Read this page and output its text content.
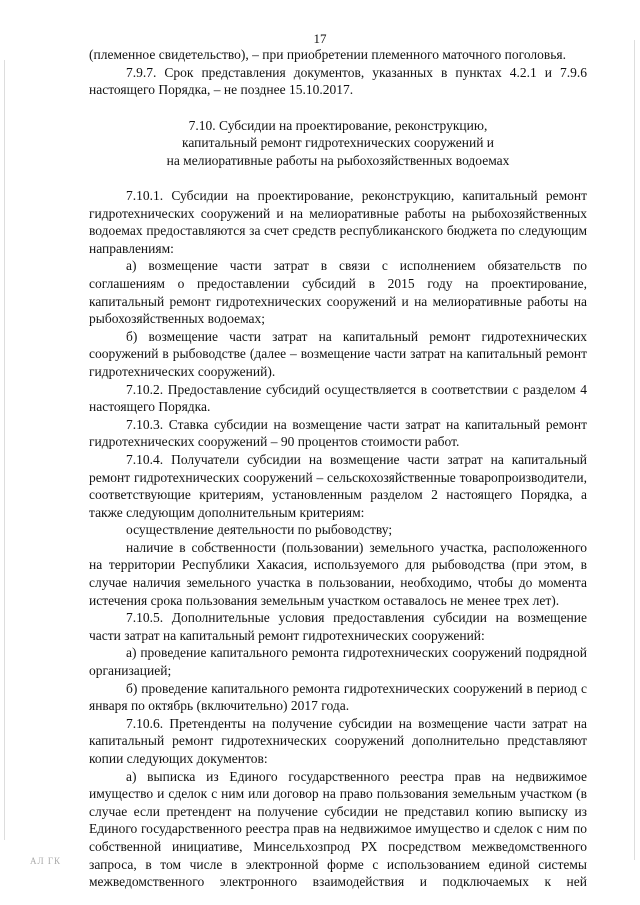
17

(племенное свидетельство), – при приобретении племенного маточного поголовья.

7.9.7. Срок представления документов, указанных в пунктах 4.2.1 и 7.9.6 настоящего Порядка, – не позднее 15.10.2017.

7.10. Субсидии на проектирование, реконструкцию,
капитальный ремонт гидротехнических сооружений и
на мелиоративные работы на рыбохозяйственных водоемах

7.10.1. Субсидии на проектирование, реконструкцию, капитальный ремонт гидротехнических сооружений и на мелиоративные работы на рыбохозяйственных водоемах предоставляются за счет средств республиканского бюджета по следующим направлениям:

а) возмещение части затрат в связи с исполнением обязательств по соглашениям о предоставлении субсидий в 2015 году на проектирование, капитальный ремонт гидротехнических сооружений и на мелиоративные работы на рыбохозяйственных водоемах;

б) возмещение части затрат на капитальный ремонт гидротехнических сооружений в рыбоводстве (далее – возмещение части затрат на капитальный ремонт гидротехнических сооружений).

7.10.2. Предоставление субсидий осуществляется в соответствии с разделом 4 настоящего Порядка.

7.10.3. Ставка субсидии на возмещение части затрат на капитальный ремонт гидротехнических сооружений – 90 процентов стоимости работ.

7.10.4. Получатели субсидии на возмещение части затрат на капитальный ремонт гидротехнических сооружений – сельскохозяйственные товаропроизводители, соответствующие критериям, установленным разделом 2 настоящего Порядка, а также следующим дополнительным критериям:

осуществление деятельности по рыбоводству;

наличие в собственности (пользовании) земельного участка, расположенного на территории Республики Хакасия, используемого для рыбоводства (при этом, в случае наличия земельного участка в пользовании, необходимо, чтобы до момента истечения срока пользования земельным участком оставалось не менее трех лет).

7.10.5. Дополнительные условия предоставления субсидии на возмещение части затрат на капитальный ремонт гидротехнических сооружений:

а) проведение капитального ремонта гидротехнических сооружений подрядной организацией;

б) проведение капитального ремонта гидротехнических сооружений в период с января по октябрь (включительно) 2017 года.

7.10.6. Претенденты на получение субсидии на возмещение части затрат на капитальный ремонт гидротехнических сооружений дополнительно представляют копии следующих документов:

а) выписка из Единого государственного реестра прав на недвижимое имущество и сделок с ним или договор на право пользования земельным участком (в случае если претендент на получение субсидии не представил копию выписку из Единого государственного реестра прав на недвижимое имущество и сделок с ним по собственной инициативе, Минсельхозпрод РХ посредством межведомственного запроса, в том числе в электронной форме с использованием единой системы межведомственного электронного взаимодействия и подключаемых к ней

АЛ ГК
